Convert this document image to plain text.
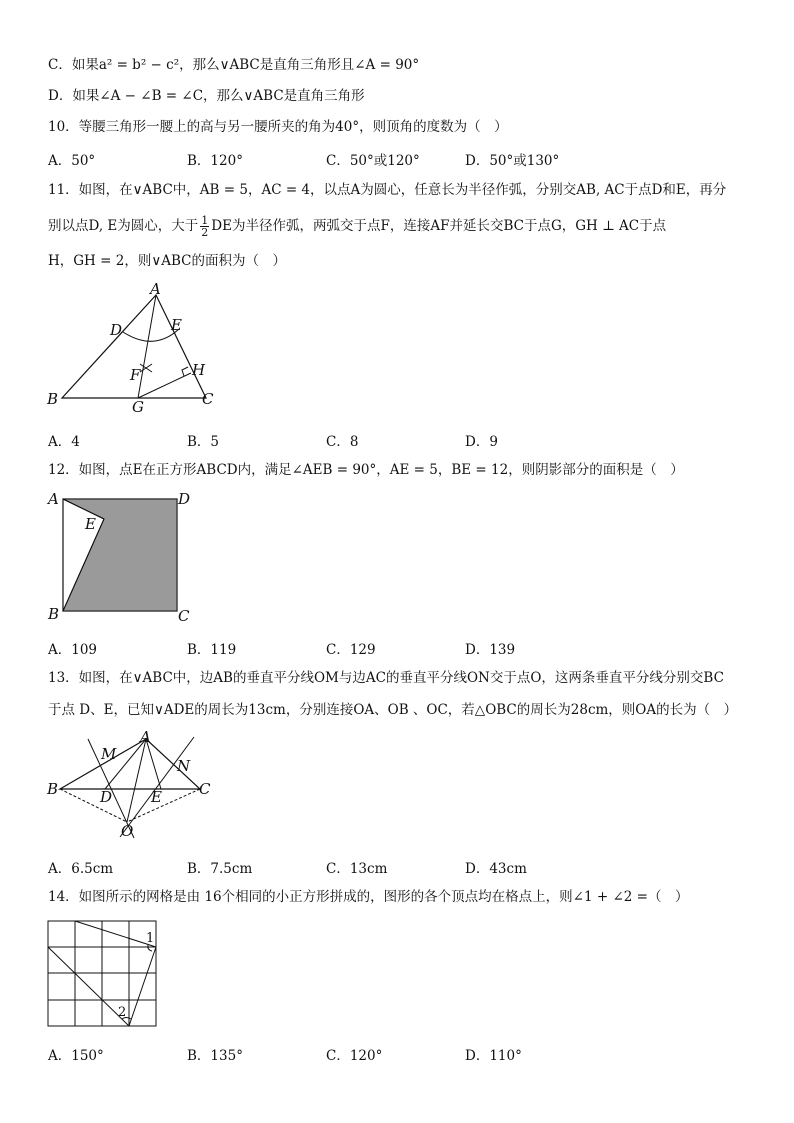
C．如果a² = b² − c²，那么∨ABC是直角三角形且∠A = 90°
D．如果∠A − ∠B = ∠C，那么∨ABC是直角三角形
10．等腰三角形一腰上的高与另一腰所夹的角为40°，则顶角的度数为（　）
A．50°	B．120°	C．50°或120°	D．50°或130°
11．如图，在∨ABC中，AB = 5，AC = 4，以点A为圆心，任意长为半径作弧，分别交AB, AC于点D和E，再分
别以点D, E为圆心，大于 $\frac{1}{2}$ DE为半径作弧，两弧交于点F，连接AF并延长交BC于点G，GH ⊥ AC于点
H，GH = 2，则∨ABC的面积为（　）
A
D	E
F	H
B	G	C
A．4	B．5	C．8	D．9
12．如图，点E在正方形ABCD内，满足∠AEB = 90°，AE = 5，BE = 12，则阴影部分的面积是（　）
A	D
E
B	C
A．109	B．119	C．129	D．139
13．如图，在∨ABC中，边AB的垂直平分线OM与边AC的垂直平分线ON交于点O，这两条垂直平分线分别交BC
于点 D、E，已知∨ADE的周长为13cm，分别连接OA、OB 、OC，若△OBC的周长为28cm，则OA的长为（　）
A
M
N
B	D	E C
O
A．6.5cm	B．7.5cm	C．13cm	D．43cm
14．如图所示的网格是由 16个相同的小正方形拼成的，图形的各个顶点均在格点上，则∠1 + ∠2 =（　）
1
2
A．150°	B．135°	C．120°	D．110°
